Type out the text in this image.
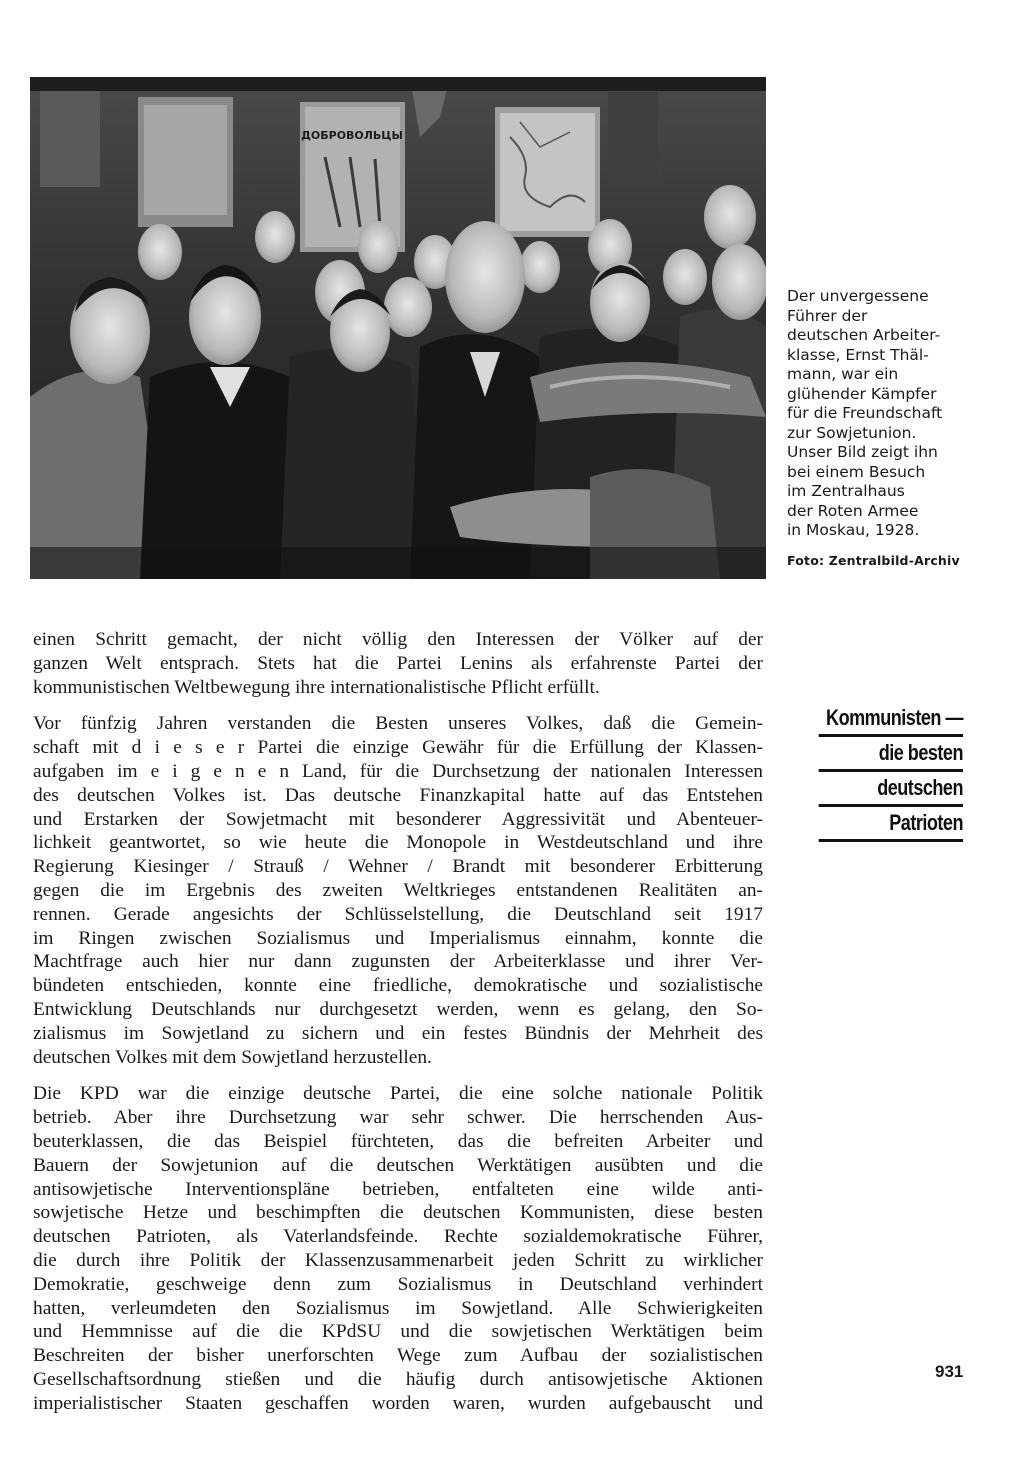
ДОБРОВОЛЬЦЫ
Der unvergessene
Führer der
deutschen Arbeiter-
klasse, Ernst Thäl-
mann, war ein
glühender Kämpfer
für die Freundschaft
zur Sowjetunion.
Unser Bild zeigt ihn
bei einem Besuch
im Zentralhaus
der Roten Armee
in Moskau, 1928.

Foto: Zentralbild-Archiv

Kommunisten —
die besten
deutschen
Patrioten

einen Schritt gemacht, der nicht völlig den Interessen der Völker auf der
ganzen Welt entsprach. Stets hat die Partei Lenins als erfahrenste Partei der
kommunistischen Weltbewegung ihre internationalistische Pflicht erfüllt.

Vor fünfzig Jahren verstanden die Besten unseres Volkes, daß die Gemein-
schaft mit d i e s e r Partei die einzige Gewähr für die Erfüllung der Klassen-
aufgaben im e i g e n e n Land, für die Durchsetzung der nationalen Interessen
des deutschen Volkes ist. Das deutsche Finanzkapital hatte auf das Entstehen
und Erstarken der Sowjetmacht mit besonderer Aggressivität und Abenteuer-
lichkeit geantwortet, so wie heute die Monopole in Westdeutschland und ihre
Regierung Kiesinger / Strauß / Wehner / Brandt mit besonderer Erbitterung
gegen die im Ergebnis des zweiten Weltkrieges entstandenen Realitäten an-
rennen. Gerade angesichts der Schlüsselstellung, die Deutschland seit 1917
im Ringen zwischen Sozialismus und Imperialismus einnahm, konnte die
Machtfrage auch hier nur dann zugunsten der Arbeiterklasse und ihrer Ver-
bündeten entschieden, konnte eine friedliche, demokratische und sozialistische
Entwicklung Deutschlands nur durchgesetzt werden, wenn es gelang, den So-
zialismus im Sowjetland zu sichern und ein festes Bündnis der Mehrheit des
deutschen Volkes mit dem Sowjetland herzustellen.

Die KPD war die einzige deutsche Partei, die eine solche nationale Politik
betrieb. Aber ihre Durchsetzung war sehr schwer. Die herrschenden Aus-
beuterklassen, die das Beispiel fürchteten, das die befreiten Arbeiter und
Bauern der Sowjetunion auf die deutschen Werktätigen ausübten und die
antisowjetische Interventionspläne betrieben, entfalteten eine wilde anti-
sowjetische Hetze und beschimpften die deutschen Kommunisten, diese besten
deutschen Patrioten, als Vaterlandsfeinde. Rechte sozialdemokratische Führer,
die durch ihre Politik der Klassenzusammenarbeit jeden Schritt zu wirklicher
Demokratie, geschweige denn zum Sozialismus in Deutschland verhindert
hatten, verleumdeten den Sozialismus im Sowjetland. Alle Schwierigkeiten
und Hemmnisse auf die die KPdSU und die sowjetischen Werktätigen beim
Beschreiten der bisher unerforschten Wege zum Aufbau der sozialistischen
Gesellschaftsordnung stießen und die häufig durch antisowjetische Aktionen
imperialistischer Staaten geschaffen worden waren, wurden aufgebauscht und

931
